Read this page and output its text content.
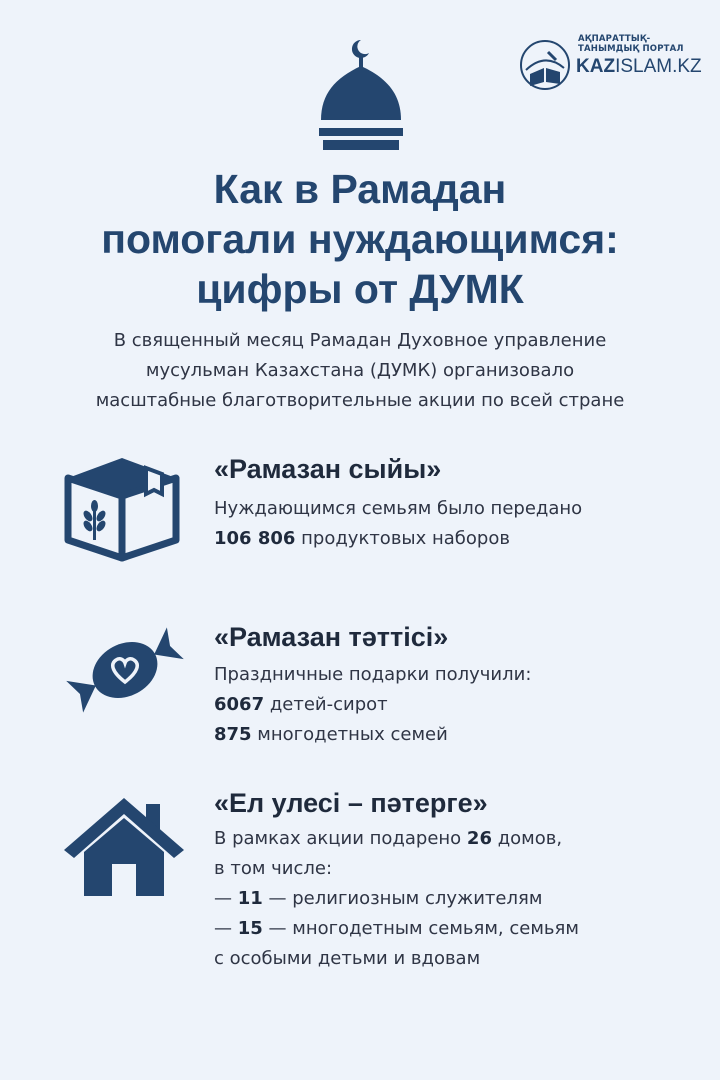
АҚПАРАТТЫҚ-
ТАНЫМДЫҚ ПОРТАЛ
KAZISLAM.KZ
Как в Рамадан
помогали нуждающимся:
цифры от ДУМК
В священный месяц Рамадан Духовное управление
мусульман Казахстана (ДУМК) организовало
масштабные благотворительные акции по всей стране
«Рамазан сыйы»
Нуждающимся семьям было передано
106 806 продуктовых наборов
«Рамазан тәттісі»
Праздничные подарки получили:
6067 детей-сирот
875 многодетных семей
«Ел улесі – пәтерге»
В рамках акции подарено 26 домов,
в том числе:
— 11 — религиозным служителям
— 15 — многодетным семьям, семьям
с особыми детьми и вдовам
